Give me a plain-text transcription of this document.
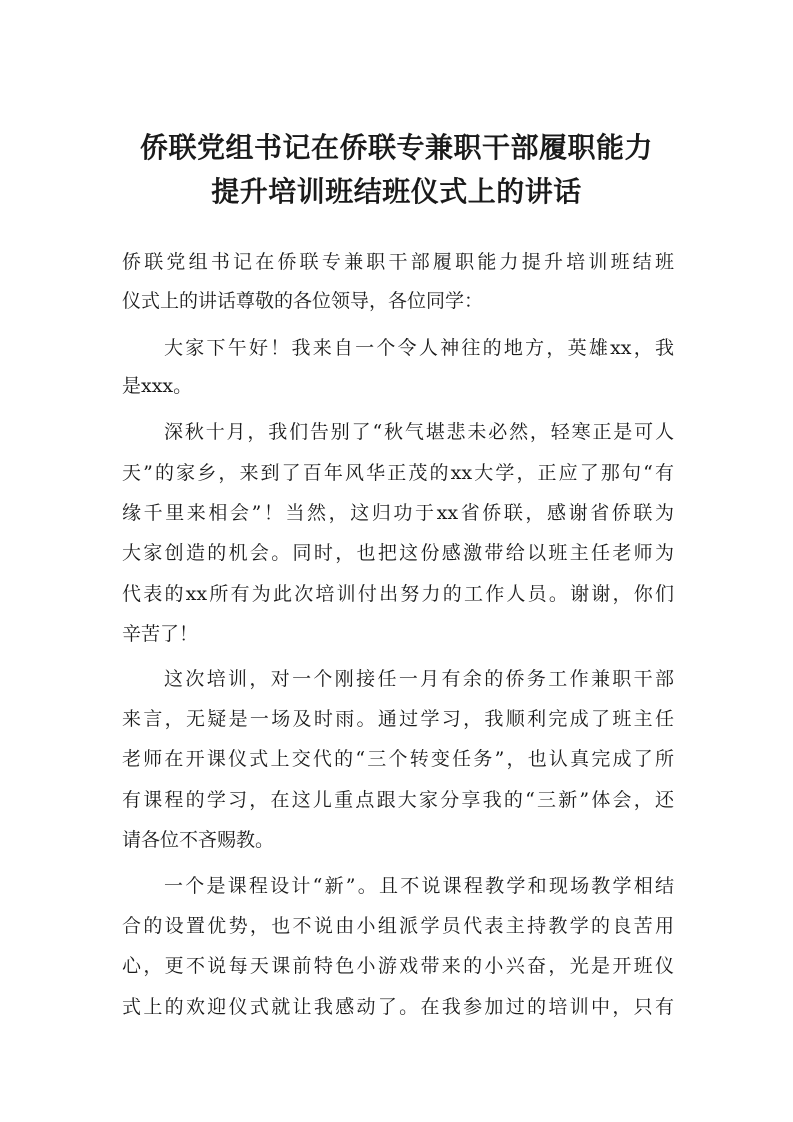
侨联党组书记在侨联专兼职干部履职能力
提升培训班结班仪式上的讲话
侨联党组书记在侨联专兼职干部履职能力提升培训班结班
仪式上的讲话尊敬的各位领导，各位同学：
大家下午好！我来自一个令人神往的地方，英雄xx，我
是xxx。
深秋十月，我们告别了“秋气堪悲未必然，轻寒正是可人
天”的家乡，来到了百年风华正茂的xx大学，正应了那句“有
缘千里来相会”！当然，这归功于xx省侨联，感谢省侨联为
大家创造的机会。同时，也把这份感激带给以班主任老师为
代表的xx所有为此次培训付出努力的工作人员。谢谢，你们
辛苦了！
这次培训，对一个刚接任一月有余的侨务工作兼职干部
来言，无疑是一场及时雨。通过学习，我顺利完成了班主任
老师在开课仪式上交代的“三个转变任务”，也认真完成了所
有课程的学习，在这儿重点跟大家分享我的“三新”体会，还
请各位不吝赐教。
一个是课程设计“新”。且不说课程教学和现场教学相结
合的设置优势，也不说由小组派学员代表主持教学的良苦用
心，更不说每天课前特色小游戏带来的小兴奋，光是开班仪
式上的欢迎仪式就让我感动了。在我参加过的培训中，只有
